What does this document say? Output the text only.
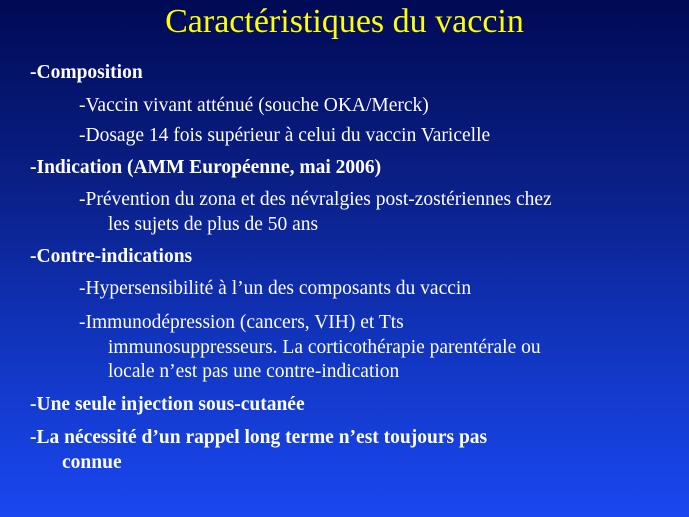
Caractéristiques du vaccin
-Composition
-Vaccin vivant atténué (souche OKA/Merck)
-Dosage 14 fois supérieur à celui du vaccin Varicelle
-Indication (AMM Européenne, mai 2006)
-Prévention du zona et des névralgies post-zostériennes chez
les sujets de plus de 50 ans
-Contre-indications
-Hypersensibilité à l’un des composants du vaccin
-Immunodépression (cancers, VIH) et Tts
immunosuppresseurs. La corticothérapie parentérale ou
locale n’est pas une contre-indication
-Une seule injection sous-cutanée
-La nécessité d’un rappel long terme n’est toujours pas
connue
